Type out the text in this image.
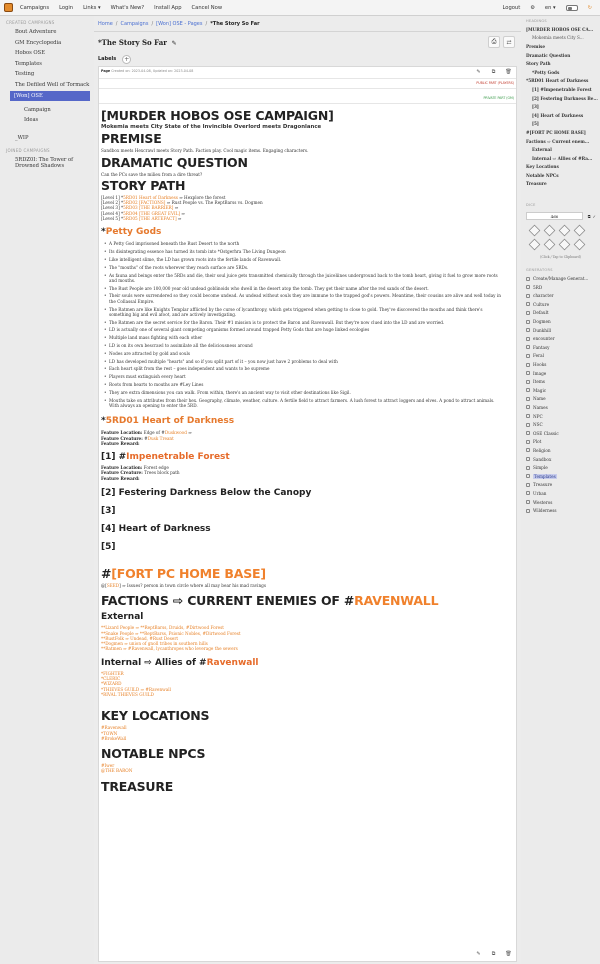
Campaigns Login Links ▾ What's New? Install App Cancel Now	Logout ⚙ en ▾	↻
CREATED CAMPAIGNS
Bout Adventure
GM Encyclopedia
Hobos OSE
Templates
Testing
The Defiled Well of Tormack
[Won] OSE
Campaign
Ideas
_WIP
JOINED CAMPAIGNS
5RDZ0I: The Tower of Drowned Shadows
Home / Campaigns / [Won] OSE - Pages / *The Story So Far
*The Story So Far ✎	⎙	⇄
Labels	+
Page Created on: 2023-04-08, Updated on: 2023-04-08	✎	⧉	🗑
PUBLIC PART (PLAYERS)
PRIVATE PART (GM)
[MURDER HOBOS OSE CAMPAIGN]
Mokemia meets City State of the Invincible Overlord meets Dragonlance
PREMISE
Sandbox meets Hexcrawl meets Story Path. Faction play. Cool magic items. Engaging characters.
DRAMATIC QUESTION
Can the PCs save the milieu from a dire threat?
STORY PATH
[Level 1] *5RD01 Heart of Darkness ⇒ Hexplore the forest
[Level 2] *5RD02 [FACTIONS] ⇒ Rust People vs. The ReptBarss vs. Dogmen
[Level 3] *5RD03 [THE BARRIER] ⇒
[Level 4] *5RD04 [THE GREAT EVIL] ⇒
[Level 5] *5RD05 [THE ARTEFACT] ⇒
*Petty Gods
• A Petty God imprisoned beneath the Rust Desert to the north
• Its disintegrating essence has turned its tomb into *Ostgerhra The Living Dungeon
• Like intelligent slime, the LD has grown roots into the fertile lands of Ravenwall.
• The "mouths" of the roots wherever they reach surface are 5RDs.
• As fauna and beings enter the 5RDs and die, their soul juice gets transmitted chemically through the juiceliines underground back to the tomb heart, giving it fuel to grow more roots and mouths.
• The Rust People are 100,000 year old undead goblinoids who dwell in the desert atop the tomb. They get their name after the red sands of the desert.
• Their souls were surrendered so they could become undead. As undead without souls they are immune to the trapped god's powers. Meantime, their cousins are alive and well today in the Collassal Empire.
• The Ratmen are like Knights Templar afflicted by the curse of lycanthropy, which gets triggered when getting to close to gold. They've discovered the mouths and think there's something big and evil afoot, and are actively investigating.
• The Ratmen are the secret service for the Baron. Their #1 mission is to protect the Baron and Ravenwall. But they're now clued into the LD and are worried.
• LD is actually one of several giant competing organisms formed around trapped Petty Gods that are huge linked ecologies
• Multiple land mass fighting with each other
• LD is on its own bescrawl to assimilate all the deliciousness around
• Nodes are attracted by gold and souls
• LD has developed multiple "hearts" and so if you split part of it – you now just have 2 problems to deal with
• Each heart split from the rest – goes independent and wants to be supreme
• Players must extinguish every heart
• Roots from hearts to mouths are #Ley Lines
• They are extra dimensions you can walk. From within, there's an ancient way to visit other destinations like Sigil.
• Mouths take on attributes from their hex. Geography, climate, weather, culture. A fertile field to attract farmers. A lush forest to attract loggers and elves. A pond to attract animals. With always an opening to enter the 5RD.
*5RD01 Heart of Darkness
Feature Location: Edge of #Duskwood ⇒
Feature Creature: #Dusk Treant
Feature Reward:
[1] #Impenetrable Forest
Feature Location: Forest edge
Feature Creature: Trees block path
Feature Reward:
[2] Festering Darkness Below the Canopy
[3]
[4] Heart of Darkness
[5]
#[FORT PC HOME BASE]
@[SEED] ⇒ Issues? person in town circle where all may bear his mad ravings
FACTIONS ⇨ CURRENT ENEMIES OF #RAVENWALL
External
**Lizard People ⇒ **ReptBarss, Druids, #Dirtwood Forest
**Snake People ⇒ **ReptBarss, Psionic Nobles, #Dirtwood Forest
**RustFolk ⇒ Undead, #Rust Desert
**Dogmen ⇒ union of gnoll tribes in southern hills
**Ratmen ⇒ #Ravenwall, lycanthropes who leverage the sewers
Internal ⇨ Allies of #Ravenwall
*FIGHTER
*CLERIC
*WIZARD
*THIEVES GUILD ⇒ #Ravenwall
*RIVAL THIEVES GUILD
KEY LOCATIONS
#Ravenwall
*TOWN
#BrokeWall
NOTABLE NPCS
#Iwer
@THE BARON
TREASURE
✎	⧉	🗑
HEADINGS
[MURDER HOBOS OSE CA...
Mokemia meets City S...
Premise
Dramatic Question
Story Path
*Petty Gods
*5RD01 Heart of Darkness
[1] #Impenetrable Forest
[2] Festering Darkness Be...
[3]
[4] Heart of Darkness
[5]
#[FORT PC HOME BASE]
Factions ⇨ Current enem...
External
Internal ⇨ Allies of #Ra...
Key Locations
Notable NPCs
Treasure
DICE
4d6	⧉ ✓
(Click / Tap to Clipboard)
GENERATORS
Create/Manage Generat...
5RD
character
Culture
Default
Dogmen
Dunkhill
encounter
Fantasy
Feral
Hooks
Image
Items
Magic
Name
Names
NPC
NSC
OSE Classic
Plot
Religion
Sandbox
Simple
Templates
Treasure
Urban
Westeros
Wilderness
